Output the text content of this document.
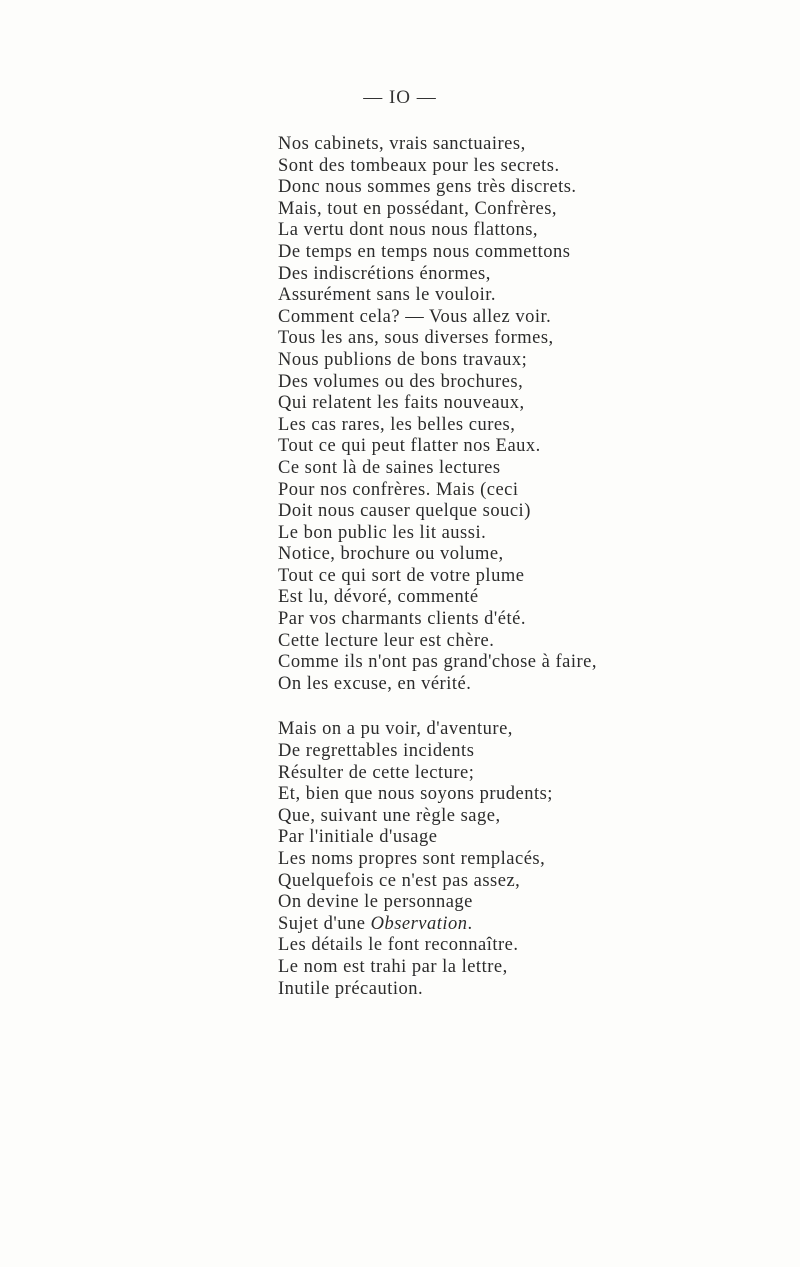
— IO —
Nos cabinets, vrais sanctuaires,
Sont des tombeaux pour les secrets.
Donc nous sommes gens très discrets.
Mais, tout en possédant, Confrères,
La vertu dont nous nous flattons,
De temps en temps nous commettons
Des indiscrétions énormes,
Assurément sans le vouloir.
Comment cela? — Vous allez voir.
Tous les ans, sous diverses formes,
Nous publions de bons travaux;
Des volumes ou des brochures,
Qui relatent les faits nouveaux,
Les cas rares, les belles cures,
Tout ce qui peut flatter nos Eaux.
Ce sont là de saines lectures
Pour nos confrères. Mais (ceci
Doit nous causer quelque souci)
Le bon public les lit aussi.
Notice, brochure ou volume,
Tout ce qui sort de votre plume
Est lu, dévoré, commenté
Par vos charmants clients d'été.
Cette lecture leur est chère.
Comme ils n'ont pas grand'chose à faire,
On les excuse, en vérité.
Mais on a pu voir, d'aventure,
De regrettables incidents
Résulter de cette lecture;
Et, bien que nous soyons prudents;
Que, suivant une règle sage,
Par l'initiale d'usage
Les noms propres sont remplacés,
Quelquefois ce n'est pas assez,
On devine le personnage
Sujet d'une Observation.
Les détails le font reconnaître.
Le nom est trahi par la lettre,
Inutile précaution.
